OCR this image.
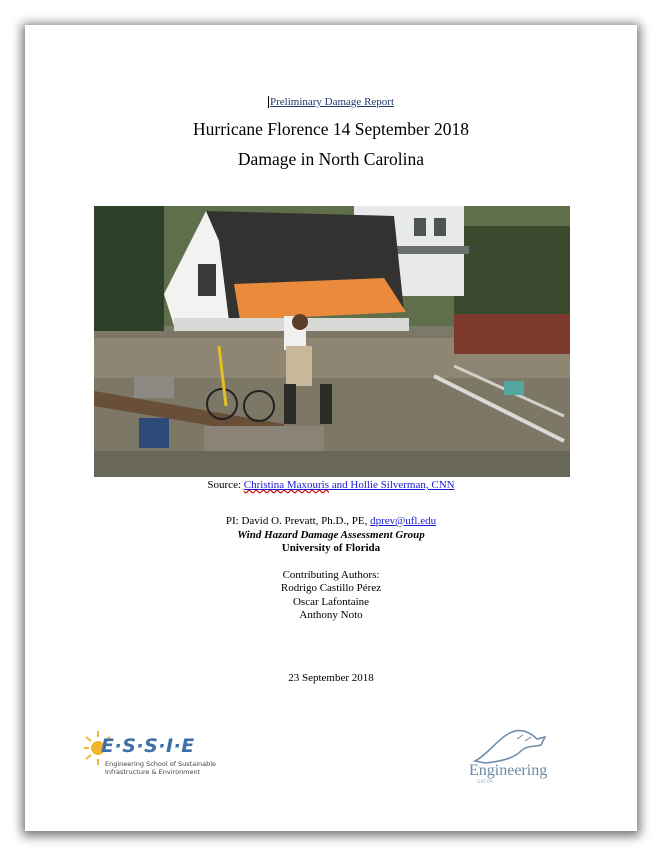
Preliminary Damage Report
Hurricane Florence 14 September 2018
Damage in North Carolina
Source: Christina Maxouris and Hollie Silverman, CNN
PI: David O. Prevatt, Ph.D., PE, dprev@ufl.edu
Wind Hazard Damage Assessment Group
University of Florida
Contributing Authors:
Rodrigo Castillo Pérez
Oscar Lafontaine
Anthony Noto
23 September 2018
E·S·S·I·E
Engineering School of Sustainable
Infrastructure & Environment	Engineering
GATOR
